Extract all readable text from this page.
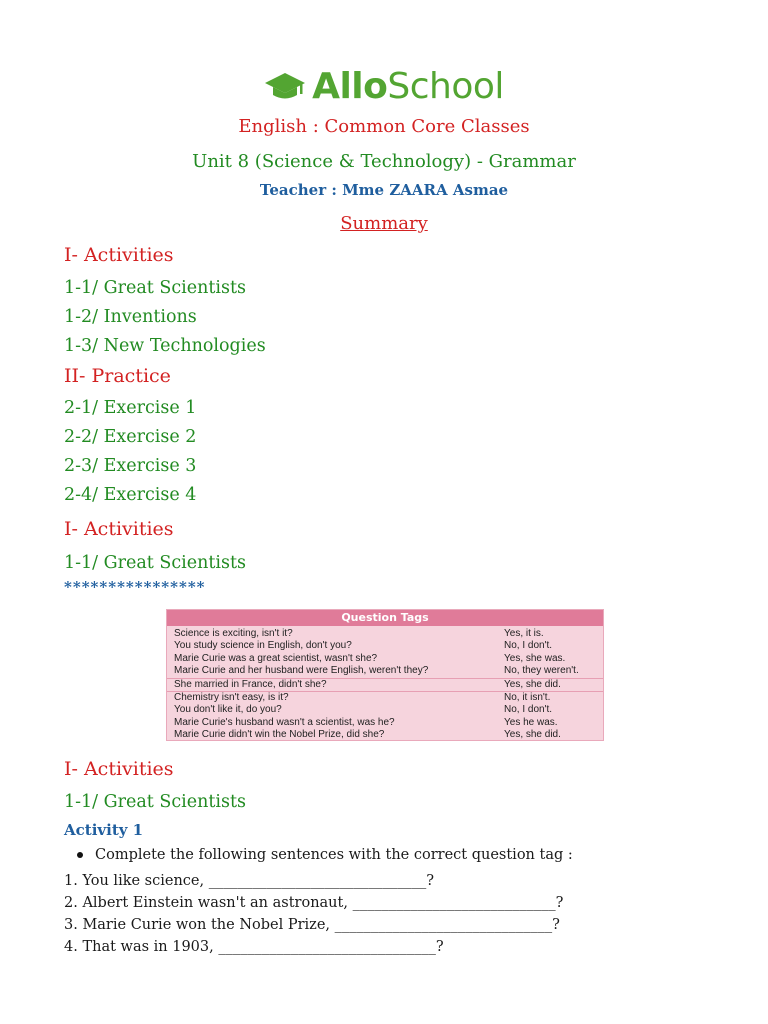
AlloSchool
English : Common Core Classes
Unit 8 (Science & Technology) - Grammar
Teacher : Mme ZAARA Asmae
Summary
I- Activities
1-1/ Great Scientists
1-2/ Inventions
1-3/ New Technologies
II- Practice
2-1/ Exercise 1
2-2/ Exercise 2
2-3/ Exercise 3
2-4/ Exercise 4
I- Activities
1-1/ Great Scientists
****************
Question Tags
Science is exciting, isn't it?	Yes, it is.
You study science in English, don't you?	No, I don't.
Marie Curie was a great scientist, wasn't she?	Yes, she was.
Marie Curie and her husband were English, weren't they?	No, they weren't.
She married in France, didn't she?	Yes, she did.
Chemistry isn't easy, is it?	No, it isn't.
You don't like it, do you?	No, I don't.
Marie Curie's husband wasn't a scientist, was he?	Yes he was.
Marie Curie didn't win the Nobel Prize, did she?	Yes, she did.
I- Activities
1-1/ Great Scientists
Activity 1
Complete the following sentences with the correct question tag :
1. You like science, ______________________________?
2. Albert Einstein wasn't an astronaut, ____________________________?
3. Marie Curie won the Nobel Prize, ______________________________?
4. That was in 1903, ______________________________?
